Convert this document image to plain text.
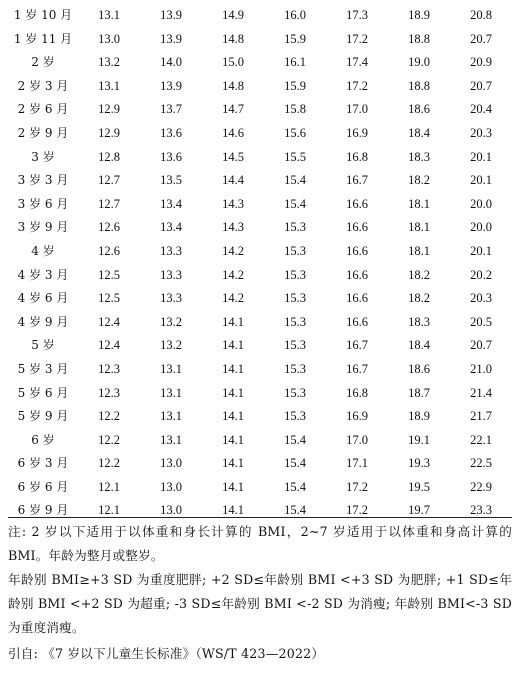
1 岁 10 月	13.1	13.9	14.9	16.0	17.3	18.9	20.8
1 岁 11 月	13.0	13.9	14.8	15.9	17.2	18.8	20.7
2 岁	13.2	14.0	15.0	16.1	17.4	19.0	20.9
2 岁 3 月	13.1	13.9	14.8	15.9	17.2	18.8	20.7
2 岁 6 月	12.9	13.7	14.7	15.8	17.0	18.6	20.4
2 岁 9 月	12.9	13.6	14.6	15.6	16.9	18.4	20.3
3 岁	12.8	13.6	14.5	15.5	16.8	18.3	20.1
3 岁 3 月	12.7	13.5	14.4	15.4	16.7	18.2	20.1
3 岁 6 月	12.7	13.4	14.3	15.4	16.6	18.1	20.0
3 岁 9 月	12.6	13.4	14.3	15.3	16.6	18.1	20.0
4 岁	12.6	13.3	14.2	15.3	16.6	18.1	20.1
4 岁 3 月	12.5	13.3	14.2	15.3	16.6	18.2	20.2
4 岁 6 月	12.5	13.3	14.2	15.3	16.6	18.2	20.3
4 岁 9 月	12.4	13.2	14.1	15.3	16.6	18.3	20.5
5 岁	12.4	13.2	14.1	15.3	16.7	18.4	20.7
5 岁 3 月	12.3	13.1	14.1	15.3	16.7	18.6	21.0
5 岁 6 月	12.3	13.1	14.1	15.3	16.8	18.7	21.4
5 岁 9 月	12.2	13.1	14.1	15.3	16.9	18.9	21.7
6 岁	12.2	13.1	14.1	15.4	17.0	19.1	22.1
6 岁 3 月	12.2	13.0	14.1	15.4	17.1	19.3	22.5
6 岁 6 月	12.1	13.0	14.1	15.4	17.2	19.5	22.9
6 岁 9 月	12.1	13.0	14.1	15.4	17.2	19.7	23.3

注: 2 岁以下适用于以体重和身长计算的 BMI，2~7 岁适用于以体重和身高计算的 BMI。年龄为整月或整岁。

年龄别 BMI≥+3 SD 为重度肥胖; +2 SD≤年龄别 BMI <+3 SD 为肥胖; +1 SD≤年龄别 BMI <+2 SD 为超重; -3 SD≤年龄别 BMI <-2 SD 为消瘦; 年龄别 BMI<-3 SD 为重度消瘦。

引自: 《7 岁以下儿童生长标准》（WS/T 423—2022）
